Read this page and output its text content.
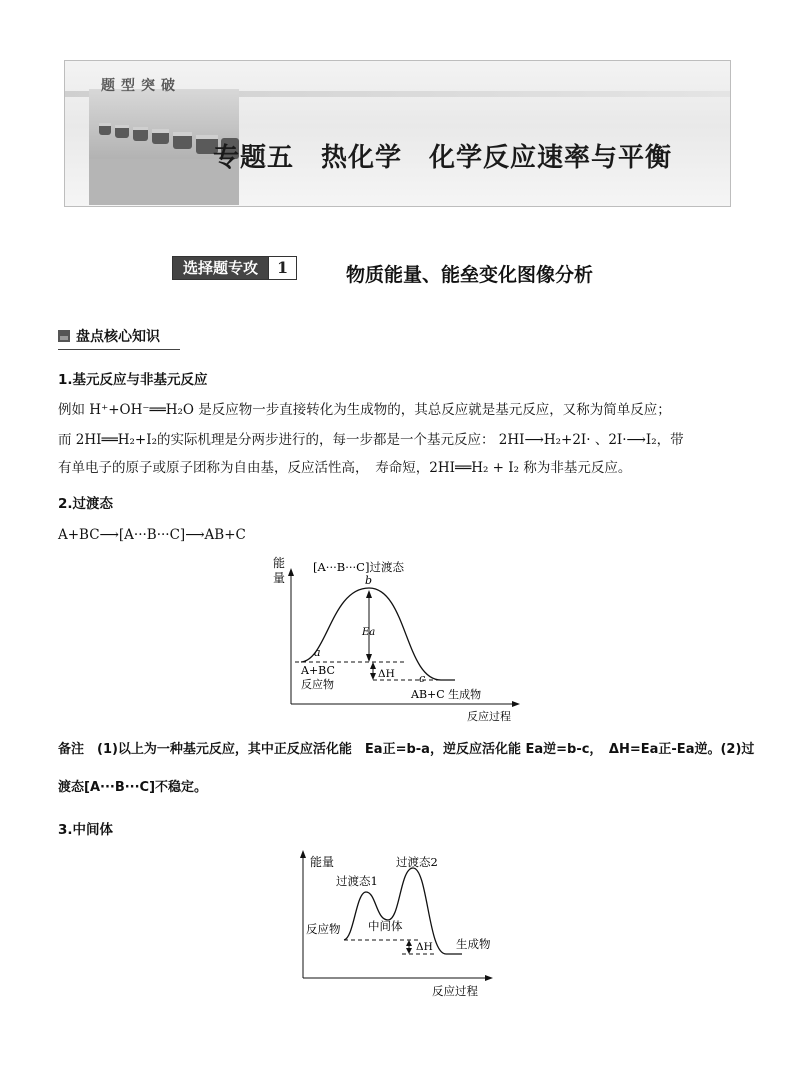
题型突破
专题五　热化学　化学反应速率与平衡
选择题专攻	1	物质能量、能垒变化图像分析
盘点核心知识
1.基元反应与非基元反应
例如 H⁺+OH⁻══H₂O 是反应物一步直接转化为生成物的，其总反应就是基元反应，又称为简单反应；
而 2HI══H₂+I₂的实际机理是分两步进行的，每一步都是一个基元反应： 2HI⟶H₂+2I· 、2I·⟶I₂，带
有单电子的原子或原子团称为自由基，反应活性高，　寿命短，2HI══H₂ + I₂ 称为非基元反应。
2.过渡态
A+BC⟶[A···B···C]⟶AB+C
能
量
[A···B···C]过渡态
b
a
c
Ea
ΔH
A+BC
反应物
AB+C 生成物
反应过程
备注　(1)以上为一种基元反应，其中正反应活化能　Ea正=b-a，逆反应活化能 Ea逆=b-c，　ΔH=Ea正-Ea逆。(2)过
渡态[A···B···C]不稳定。
3.中间体
能量
过渡态1
过渡态2
反应物 中间体
ΔH 生成物
反应过程
